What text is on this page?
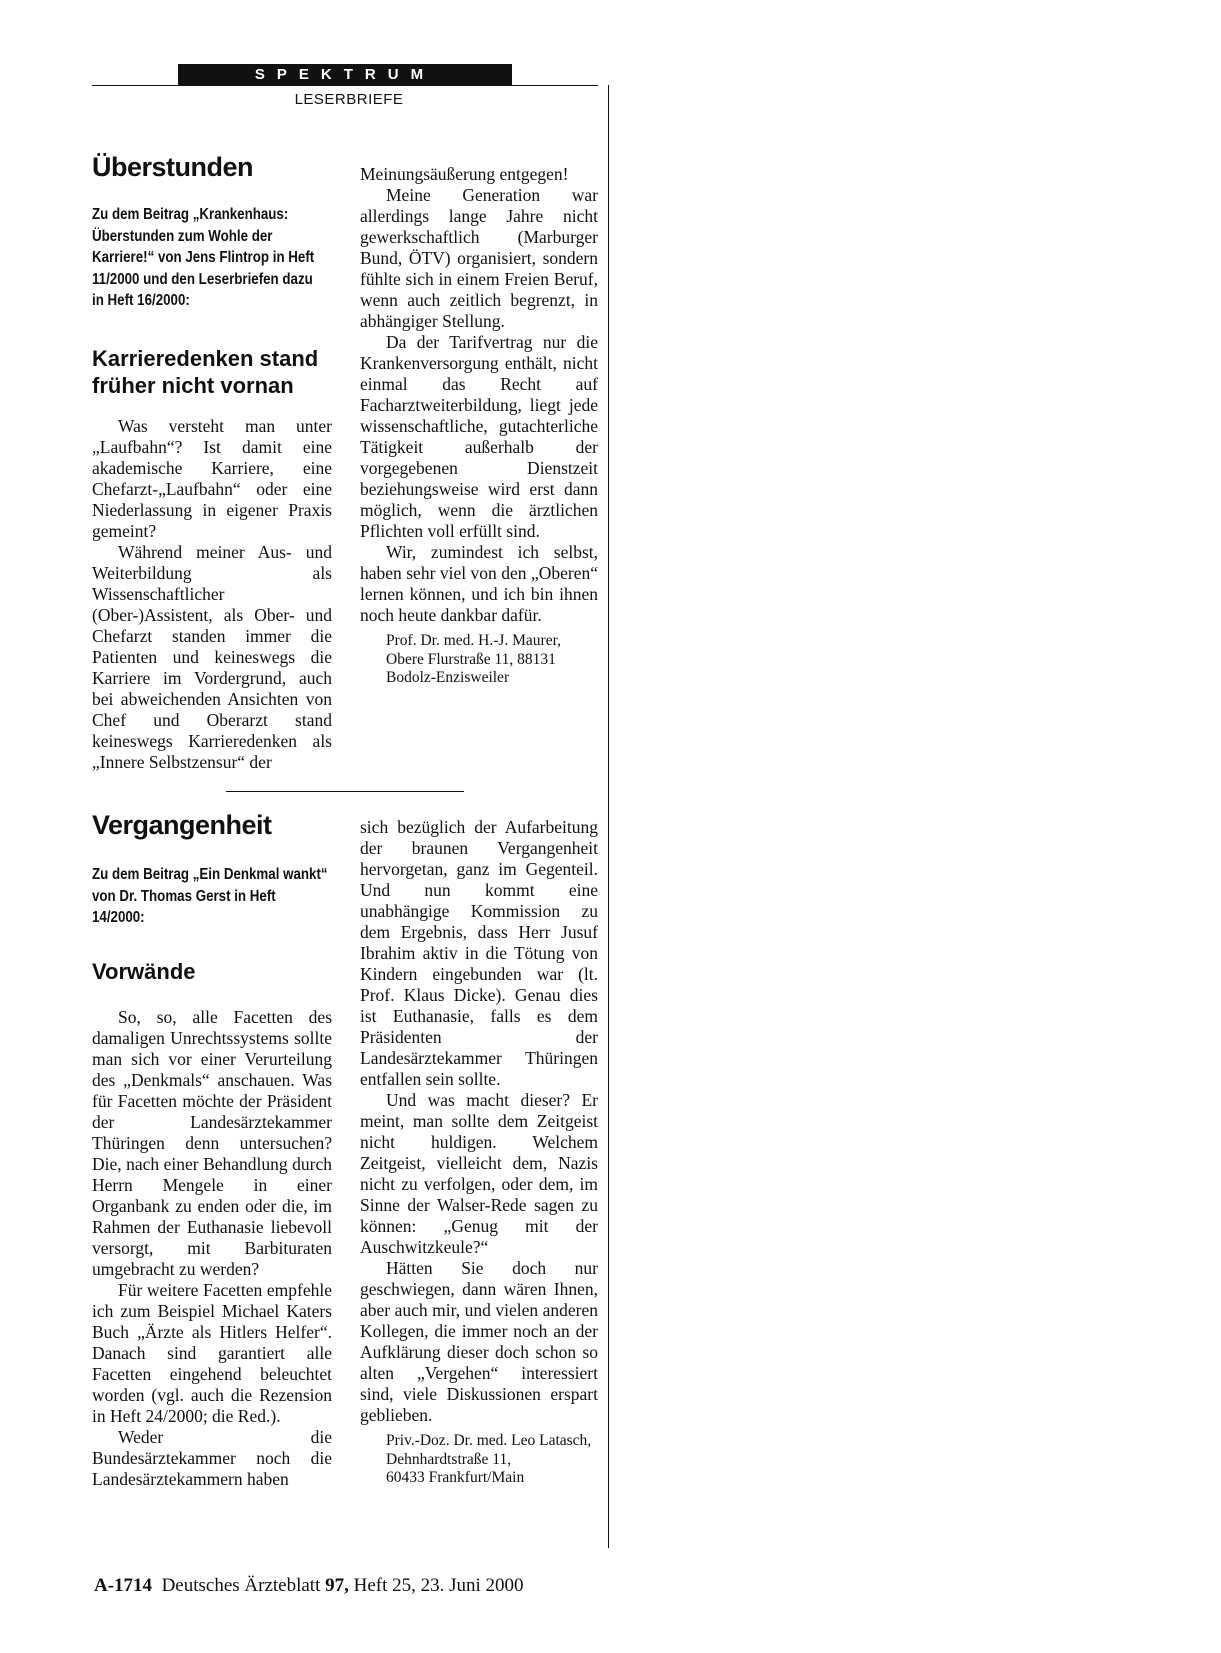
SPEKTRUM
LESERBRIEFE
Überstunden
Zu dem Beitrag „Krankenhaus: Überstunden zum Wohle der Karriere!“ von Jens Flintrop in Heft 11/2000 und den Leserbriefen dazu in Heft 16/2000:
Karrieredenken stand früher nicht vornan

Was versteht man unter „Laufbahn“? Ist damit eine akademische Karriere, eine Chefarzt-„Laufbahn“ oder eine Niederlassung in eigener Praxis gemeint?

Während meiner Aus- und Weiterbildung als Wissenschaftlicher (Ober-)Assistent, als Ober- und Chefarzt standen immer die Patienten und keineswegs die Karriere im Vordergrund, auch bei abweichenden Ansichten von Chef und Oberarzt stand keineswegs Karrieredenken als „Innere Selbstzensur“ der

Meinungsäußerung entgegen!

Meine Generation war allerdings lange Jahre nicht gewerkschaftlich (Marburger Bund, ÖTV) organisiert, sondern fühlte sich in einem Freien Beruf, wenn auch zeitlich begrenzt, in abhängiger Stellung.

Da der Tarifvertrag nur die Krankenversorgung enthält, nicht einmal das Recht auf Facharztweiterbildung, liegt jede wissenschaftliche, gutachterliche Tätigkeit außerhalb der vorgegebenen Dienstzeit beziehungsweise wird erst dann möglich, wenn die ärztlichen Pflichten voll erfüllt sind.

Wir, zumindest ich selbst, haben sehr viel von den „Oberen“ lernen können, und ich bin ihnen noch heute dankbar dafür.

Prof. Dr. med. H.-J. Maurer,
Obere Flurstraße 11, 88131
Bodolz-Enzisweiler
Vergangenheit
Zu dem Beitrag „Ein Denkmal wankt“ von Dr. Thomas Gerst in Heft 14/2000:
Vorwände

So, so, alle Facetten des damaligen Unrechtssystems sollte man sich vor einer Verurteilung des „Denkmals“ anschauen. Was für Facetten möchte der Präsident der Landesärztekammer Thüringen denn untersuchen? Die, nach einer Behandlung durch Herrn Mengele in einer Organbank zu enden oder die, im Rahmen der Euthanasie liebevoll versorgt, mit Barbituraten umgebracht zu werden?

Für weitere Facetten empfehle ich zum Beispiel Michael Katers Buch „Ärzte als Hitlers Helfer“. Danach sind garantiert alle Facetten eingehend beleuchtet worden (vgl. auch die Rezension in Heft 24/2000; die Red.).

Weder die Bundesärztekammer noch die Landesärztekammern haben

sich bezüglich der Aufarbeitung der braunen Vergangenheit hervorgetan, ganz im Gegenteil. Und nun kommt eine unabhängige Kommission zu dem Ergebnis, dass Herr Jusuf Ibrahim aktiv in die Tötung von Kindern eingebunden war (lt. Prof. Klaus Dicke). Genau dies ist Euthanasie, falls es dem Präsidenten der Landesärztekammer Thüringen entfallen sein sollte.

Und was macht dieser? Er meint, man sollte dem Zeitgeist nicht huldigen. Welchem Zeitgeist, vielleicht dem, Nazis nicht zu verfolgen, oder dem, im Sinne der Walser-Rede sagen zu können: „Genug mit der Auschwitzkeule?“

Hätten Sie doch nur geschwiegen, dann wären Ihnen, aber auch mir, und vielen anderen Kollegen, die immer noch an der Aufklärung dieser doch schon so alten „Vergehen“ interessiert sind, viele Diskussionen erspart geblieben.

Priv.-Doz. Dr. med. Leo Latasch, Dehnhardtstraße 11,
60433 Frankfurt/Main
A-1714 Deutsches Ärzteblatt 97, Heft 25, 23. Juni 2000
